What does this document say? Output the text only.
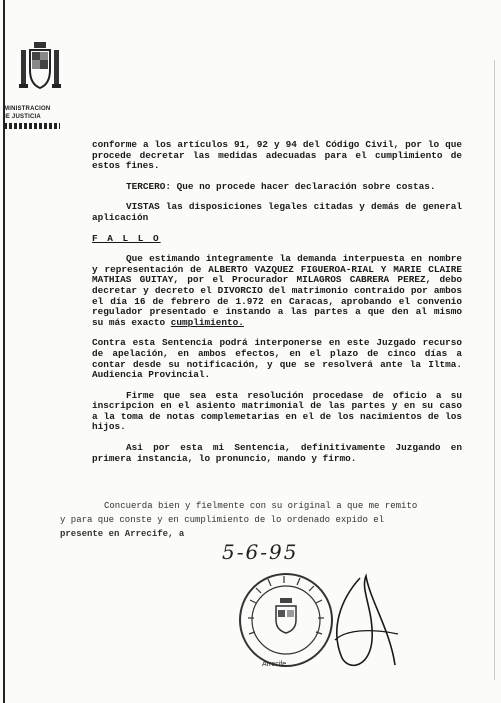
MINISTRACION
IE JUSTICIA

conforme a los artículos 91, 92 y 94 del Código Civil, por lo que procede decretar las medidas adecuadas para el cumplimiento de estos fines.

TERCERO: Que no procede hacer declaración sobre costas.

VISTAS las disposiciones legales citadas y demás de general aplicación

F A L L O

Que estimando integramente la demanda interpuesta en nombre y representación de ALBERTO VAZQUEZ FIGUEROA-RIAL Y MARIE CLAIRE MATHIAS GUITAY, por el Procurador MILAGROS CABRERA PEREZ, debo decretar y decreto el DIVORCIO del matrimonio contraido por ambos el día 16 de febrero de 1.972 en Caracas, aprobando el convenio regulador presentado e instando a las partes a que den al mismo su más exacto cumplimiento.

Contra esta Sentencia podrá interponerse en este Juzgado recurso de apelación, en ambos efectos, en el plazo de cinco días a contar desde su notificación, y que se resolverá ante la Iltma. Audiencia Provincial.

Firme que sea esta resolución procedase de oficio a su inscripcion en el asiento matrimonial de las partes y en su caso a la toma de notas complemetarias en el de los nacimientos de los hijos.

Asi por esta mi Sentencia, definitivamente Juzgando en primera instancia, lo pronuncio, mando y firmo.

Concuerda bien y fielmente con su original a que me remito
y para que conste y en cumplimiento de lo ordenado expido el
presente en Arrecife, a
5-6-95
Arrecife
